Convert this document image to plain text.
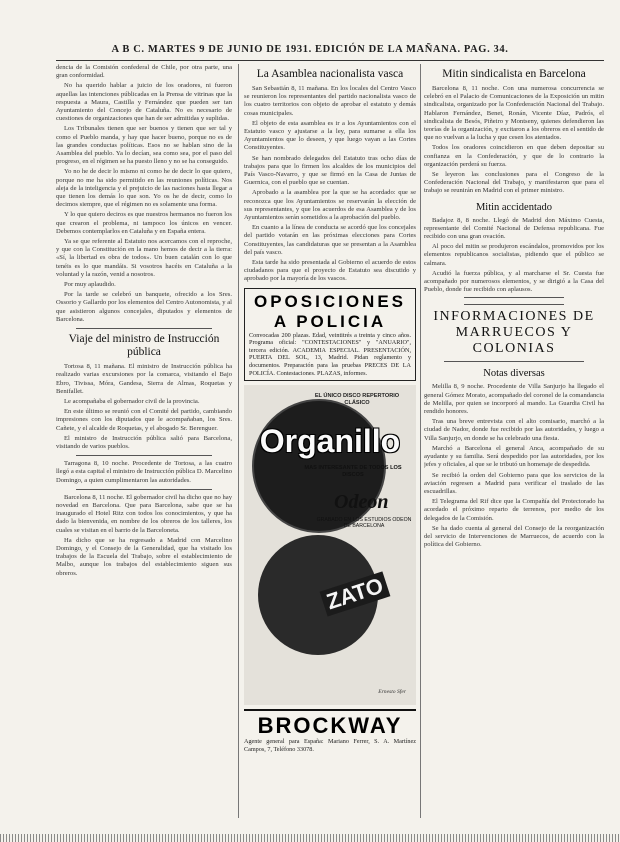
A B C. MARTES 9 DE JUNIO DE 1931. EDICIÓN DE LA MAÑANA. PAG. 34.

dencia de la Comisión confederal de Chile, por otra parte, una gran conformidad.

No ha querido hablar a juicio de los oradores, ni fueron aquellas las intenciones públicadas en la Prensa de vitrinas que la respuesta a Maura, Castilla y Fernández que pueden ser tan Ayuntamiento del Concejo de Cataluña. No es necesario de cuestiones de organizaciones que han de ser admitidas y suplidas.

Los Tribunales tienen que ser buenos y tienen que ser tal y como el Pueblo manda, y hay que hacer bueno, porque no es de las grandes conductas políticas. Esos no se hablan sino de la Asamblea del pueblo. Ya lo decían, sea como sea, por el paso del progreso, en el régimen se ha puesto lleno y no se ha conseguido.

Yo no he de decir lo mismo ni como he de decir lo que quiero, porque no me ha sido permitido en las reuniones políticas. Nos aleja de la inteligencia y el prejuicio de las naciones hasta llegar a que tienen los demás lo que son. Yo os he de decir, como lo decimos siempre, que el régimen no es solamente una forma.

Y lo que quiero deciros es que nuestros hermanos no fueron los que crearon el problema, ni tampoco los únicos en vencer. Debemos contemplarlos en Cataluña y en España entera.

Ya se que referente al Estatuto nos acercamos con el reproche, y que con la Constitución en la mano hemos de decir a la tierra: «Sí, la libertad es obra de todos». Un buen catalán con lo que tenéis es lo que mandáis. Si vosotros hacéis en Cataluña a la voluntad y la razón, venid a nosotros.

Por muy aplaudido.

Por la tarde se celebró un banquete, ofrecido a los Sres. Ossorio y Gallardo por los elementos del Centro Autonomista, y al que asistieron algunos concejales, diputados y elementos de Barcelona.

Viaje del ministro de Instrucción pública

Tortosa 8, 11 mañana. El ministro de Instrucción pública ha realizado varias excursiones por la comarca, visitando el Bajo Ebro, Tivissa, Móra, Gandesa, Sierra de Almas, Roquetas y Benifallet.

Le acompañaba el gobernador civil de la provincia.

En este último se reunió con el Comité del partido, cambiando impresiones con los diputados que le acompañaban, los Sres. Cañete, y el alcalde de Roquetas, y el abogado Sr. Berenguer.

El ministro de Instrucción pública salió para Barcelona, visitando de varios pueblos.

Tarragona 8, 10 noche. Procedente de Tortosa, a las cuatro llegó a esta capital el ministro de Instrucción pública D. Marcelino Domingo, a quien cumplimentaron las autoridades.

Barcelona 8, 11 noche. El gobernador civil ha dicho que no hay novedad en Barcelona. Que para Barcelona, sabe que se ha inaugurado el Hotel Ritz con todos los conocimientos, y que ha dado la bienvenida, en nombre de los obreros de los talleres, los cuales se visitan en el barrio de la Barceloneta.

Ha dicho que se ha regresado a Madrid con Marcelino Domingo, y el Consejo de la Generalidad, que ha visitado los trabajos de la Escuela del Trabajo, sobre el establecimiento de Malbo, aunque los trabajos del establecimiento siguen sus obreros.

La Asamblea nacionalista vasca

San Sebastián 8, 11 mañana. En los locales del Centro Vasco se reunieron los representantes del partido nacionalista vasco de los cuatro territorios con objeto de aprobar el estatuto y demás cosas municipales.

El objeto de esta asamblea es ir a los Ayuntamientos con el Estatuto vasco y ajustarse a la ley, para sumarse a ella los Ayuntamientos que lo deseen, y que luego vayan a las Cortes Constituyentes.

Se han nombrado delegados del Estatuto tras ocho días de trabajos para que lo firmen los alcaldes de los municipios del País Vasco-Navarro, y que se firmó en la Casa de Juntas de Guernica, con el pueblo que se cuentan.

Aprobado a la asamblea por la que se ha acordado: que se reconozca que los Ayuntamientos se reservarán la elección de sus representantes, y que los acuerdos de esa Asamblea y de los Ayuntamientos serán sometidos a la aprobación del pueblo.

En cuanto a la línea de conducta se acordó que los concejales del partido votarán en las próximas elecciones para Cortes Constituyentes, las candidaturas que se presentan a la Asamblea del país vasco.

Esta tarde ha sido presentada al Gobierno el acuerdo de estos ciudadanos para que el proyecto de Estatuto sea discutido y aprobado por la mayoría de los vascos.

OPOSICIONES A POLICIA
Convocadas 200 plazas. Edad, veintitrés a treinta y cinco años. Programa oficial: "CONTESTACIONES" y "ANUARIO", tercera edición. ACADEMIA ESPECIAL. PRESENTACIÓN, PUERTA DEL SOL, 13, Madrid. Pidan reglamento y documentos. Preparación para las pruebas PRECES DE LA POLICÍA. Contestaciones. PLAZAS, informes.
EL ÚNICO DISCO REPERTORIO CLÁSICO
Organillo
MAS INTERESANTE DE TODOS LOS DISCOS
Odeon
GRABADO EN LOS ESTUDIOS ODEON DE BARCELONA
ZATO
Ernesto Sfer
BROCKWAY
Agente general para España: Mariano Ferrer, S. A. Martínez Campos, 7, Teléfono 33078.
Mitin sindicalista en Barcelona

Barcelona 8, 11 noche. Con una numerosa concurrencia se celebró en el Palacio de Comunicaciones de la Exposición un mitin sindicalista, organizado por la Confederación Nacional del Trabajo. Hablaron Fernández, Benet, Ronán, Vicente Díaz, Padrós, el sindicalista de Besós, Piñeiro y Montseny, quienes defendieron las teorías de la organización, y excitaron a los obreros en el sentido de que no vuelvan a la lucha y que cesen los atentados.

Todos los oradores coincidieron en que deben depositar su confianza en la Confederación, y que de lo contrario la organización perderá su fuerza.

Se leyeron las conclusiones para el Congreso de la Confederación Nacional del Trabajo, y manifestaron que para el trabajo se reunirán en Madrid con el primer ministro.

Mitin accidentado

Badajoz 8, 8 noche. Llegó de Madrid don Máximo Cuesta, representante del Comité Nacional de Defensa republicana. Fue recibido con una gran ovación.

Al poco del mitin se produjeron escándalos, promovidos por los elementos republicanos socialistas, pidiendo que el público se calmara.

Acudió la fuerza pública, y al marcharse el Sr. Cuesta fue acompañado por numerosos elementos, y se dirigió a la Casa del Pueblo, donde fue recibido con aplausos.

INFORMACIONES DE MARRUECOS Y COLONIAS
Notas diversas

Melilla 8, 9 noche. Procedente de Villa Sanjurjo ha llegado el general Gómez Morato, acompañado del coronel de la comandancia de Melilla, por quien se incorporó al mando. La Guardia Civil ha rendido honores.

Tras una breve entrevista con el alto comisario, marchó a la ciudad de Nador, donde fue recibido por las autoridades, y luego a Villa Sanjurjo, en donde se ha celebrado una fiesta.

Marchó a Barcelona el general Anca, acompañado de su ayudante y su familia. Será despedido por las autoridades, por los jefes y oficiales, al que se le tributó un homenaje de despedida.

Se recibió la orden del Gobierno para que los servicios de la aviación regresen a Madrid para verificar el traslado de las escuadrillas.

El Telegrama del Rif dice que la Compañía del Protectorado ha acordado el próximo reparto de terrenos, por medio de los delegados de la Comisión.

Se ha dado cuenta al general del Consejo de la reorganización del servicio de Intervenciones de Marruecos, de acuerdo con la política del Gobierno.
